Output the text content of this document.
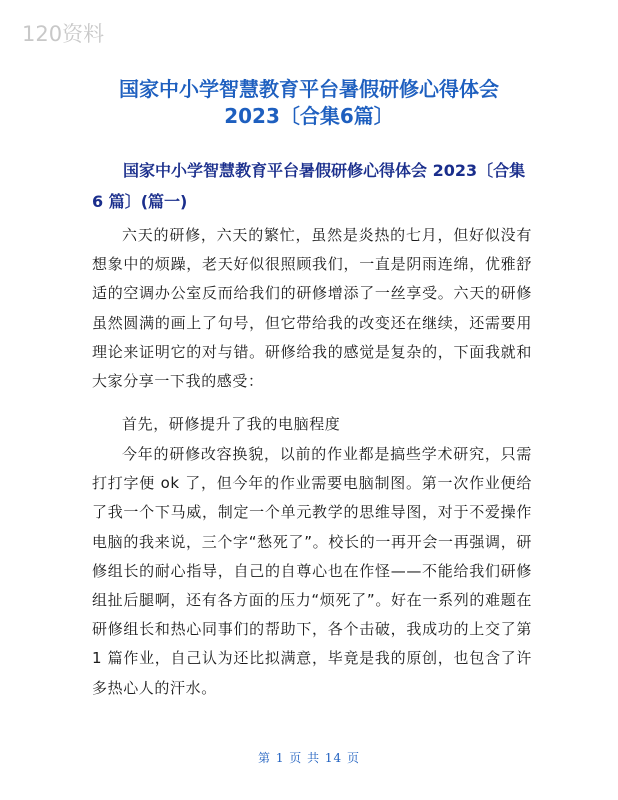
120资料
国家中小学智慧教育平台暑假研修心得体会
2023〔合集6篇〕
国家中小学智慧教育平台暑假研修心得体会 2023〔合集
6 篇〕(篇一)

六天的研修，六天的繁忙，虽然是炎热的七月，但好似没有想象中的烦躁，老天好似很照顾我们，一直是阴雨连绵，优雅舒适的空调办公室反而给我们的研修增添了一丝享受。六天的研修虽然圆满的画上了句号，但它带给我的改变还在继续，还需要用理论来证明它的对与错。研修给我的感觉是复杂的，下面我就和大家分享一下我的感受：

首先，研修提升了我的电脑程度

今年的研修改容换貌，以前的作业都是搞些学术研究，只需打打字便 ok 了，但今年的作业需要电脑制图。第一次作业便给了我一个下马威，制定一个单元教学的思维导图，对于不爱操作电脑的我来说，三个字“愁死了”。校长的一再开会一再强调，研修组长的耐心指导，自己的自尊心也在作怪——不能给我们研修组扯后腿啊，还有各方面的压力“烦死了”。好在一系列的难题在研修组长和热心同事们的帮助下，各个击破，我成功的上交了第 1 篇作业，自己认为还比拟满意，毕竟是我的原创，也包含了许多热心人的汗水。

第 1 页 共 14 页
